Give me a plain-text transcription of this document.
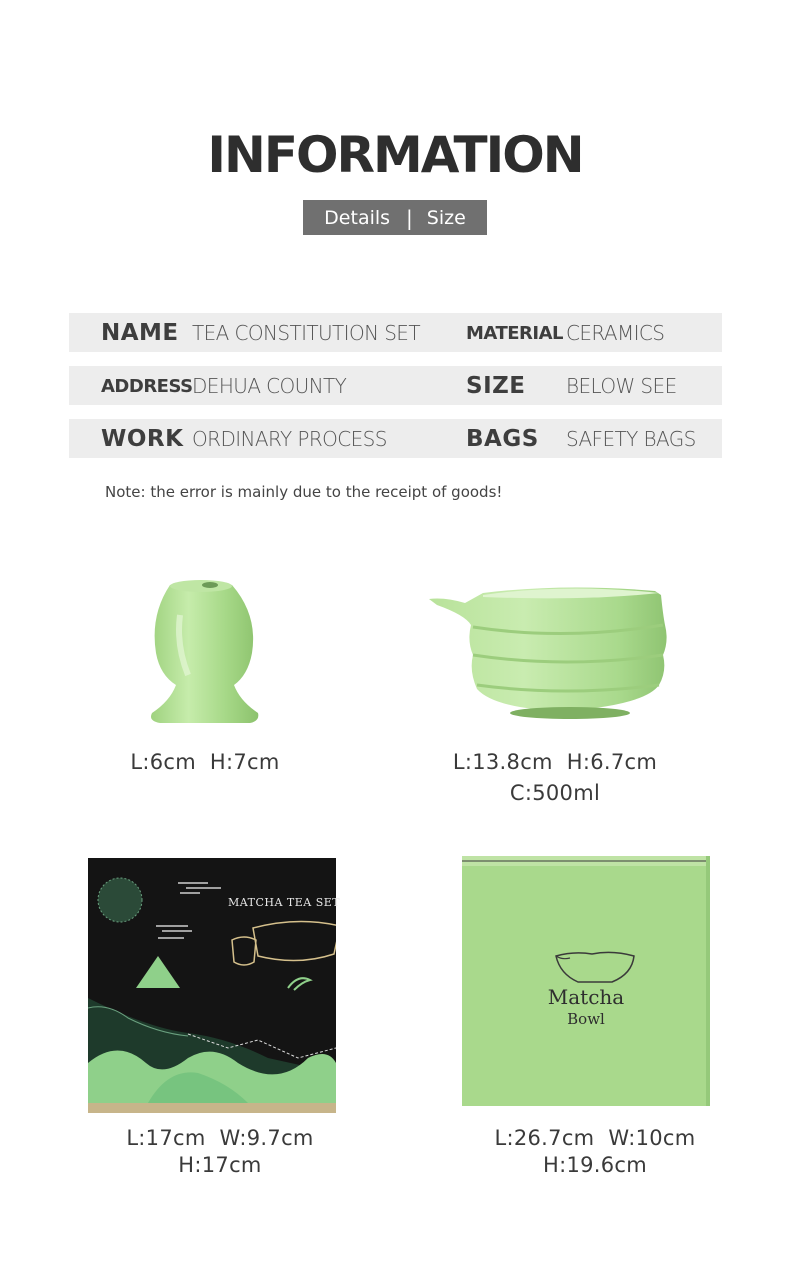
INFORMATION
Details | Size
NAME TEA CONSTITUTION SET	MATERIAL CERAMICS
ADDRESS DEHUA COUNTY	SIZE BELOW SEE
WORK ORDINARY PROCESS	BAGS SAFETY BAGS
Note: the error is mainly due to the receipt of goods!
L:6cm  H:7cm	L:13.8cm  H:6.7cm
C:500ml
MATCHA TEA SET
Matcha
Bowl
L:17cm  W:9.7cm
H:17cm
L:26.7cm  W:10cm
H:19.6cm
